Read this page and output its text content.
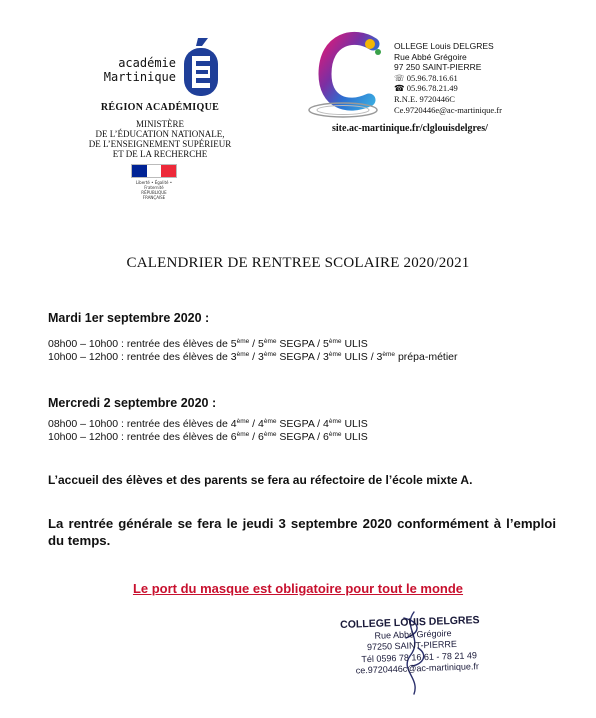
académie
Martinique
RÉGION ACADÉMIQUE
MINISTÈRE
DE L’ÉDUCATION NATIONALE,
DE L’ENSEIGNEMENT SUPÉRIEUR
ET DE LA RECHERCHE
Liberté • Égalité • Fraternité
RÉPUBLIQUE FRANÇAISE
OLLEGE Louis DELGRES
Rue Abbé Grégoire
97 250 SAINT-PIERRE
☏ 05.96.78.16.61
☎ 05.96.78.21.49
R.N.E. 9720446C
Ce.9720446e@ac-martinique.fr
site.ac-martinique.fr/clglouisdelgres/
CALENDRIER DE RENTREE SCOLAIRE 2020/2021
Mardi 1er septembre 2020 :
08h00 – 10h00 : rentrée des élèves de 5ème / 5ème SEGPA / 5ème ULIS
10h00 – 12h00 : rentrée des élèves de 3ème / 3ème SEGPA / 3ème ULIS / 3ème prépa-métier
Mercredi 2 septembre 2020 :
08h00 – 10h00 : rentrée des élèves de 4ème / 4ème SEGPA / 4ème ULIS
10h00 – 12h00 : rentrée des élèves de 6ème / 6ème SEGPA / 6ème ULIS
L’accueil des élèves et des parents se fera au réfectoire de l’école mixte A.
La rentrée générale se fera le jeudi 3 septembre 2020 conformément à l’emploi du temps.
Le port du masque est obligatoire pour tout le monde
COLLEGE LOUIS DELGRES
Rue Abbé Grégoire
97250 SAINT-PIERRE
Tél 0596 78 16 61 - 78 21 49
ce.9720446c@ac-martinique.fr
